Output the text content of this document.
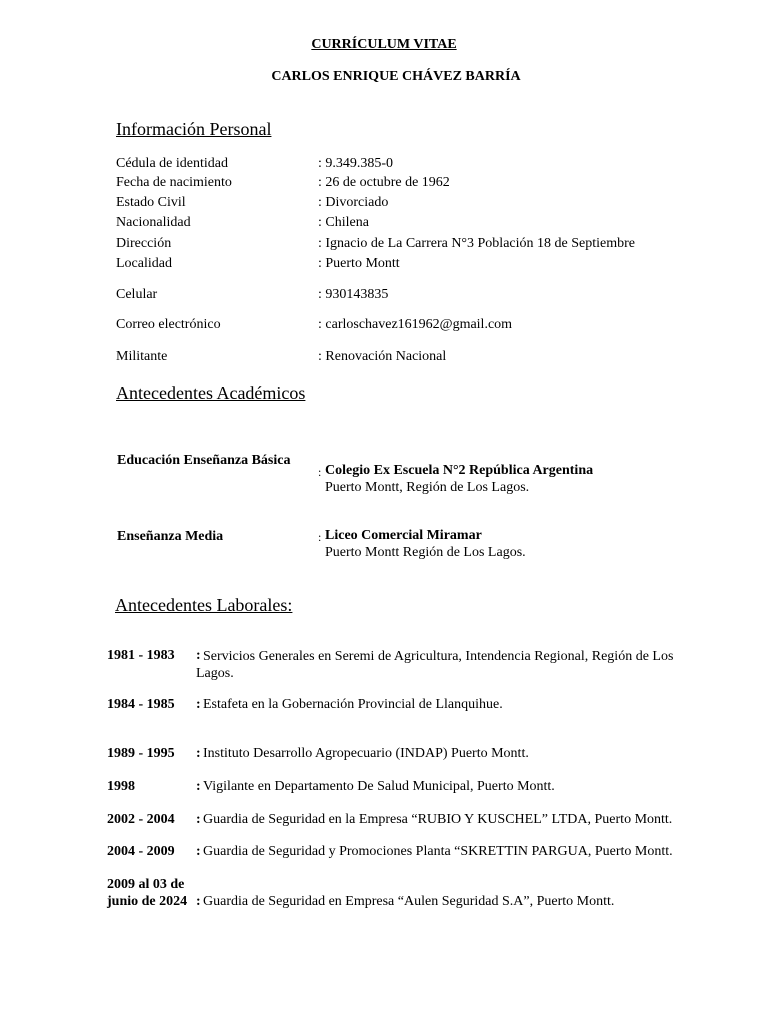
CURRÍCULUM VITAE
CARLOS ENRIQUE CHÁVEZ BARRÍA
Información Personal
Cédula de identidad	: 9.349.385-0
Fecha de nacimiento	: 26 de octubre de 1962
Estado Civil	: Divorciado
Nacionalidad	: Chilena
Dirección	: Ignacio de La Carrera N°3 Población 18 de Septiembre
Localidad	: Puerto Montt
Celular	: 930143835
Correo electrónico	: carloschavez161962@gmail.com
Militante	: Renovación Nacional
Antecedentes Académicos
Educación Enseñanza Básica
: Colegio Ex Escuela N°2 República Argentina
Puerto Montt, Región de Los Lagos.
Enseñanza Media	: Liceo Comercial Miramar
Puerto Montt Región de Los Lagos.
Antecedentes Laborales:
1981 - 1983 : Servicios Generales en Seremi de Agricultura, Intendencia Regional, Región de Los Lagos.
1984 - 1985 : Estafeta en la Gobernación Provincial de Llanquihue.
1989 - 1995 : Instituto Desarrollo Agropecuario (INDAP) Puerto Montt.
1998	: Vigilante en Departamento De Salud Municipal, Puerto Montt.
2002 - 2004 : Guardia de Seguridad en la Empresa “RUBIO Y KUSCHEL” LTDA, Puerto Montt.
2004 - 2009 : Guardia de Seguridad y Promociones Planta “SKRETTIN PARGUA, Puerto Montt.
2009 al 03 de
junio de 2024 : Guardia de Seguridad en Empresa “Aulen Seguridad S.A”, Puerto Montt.
